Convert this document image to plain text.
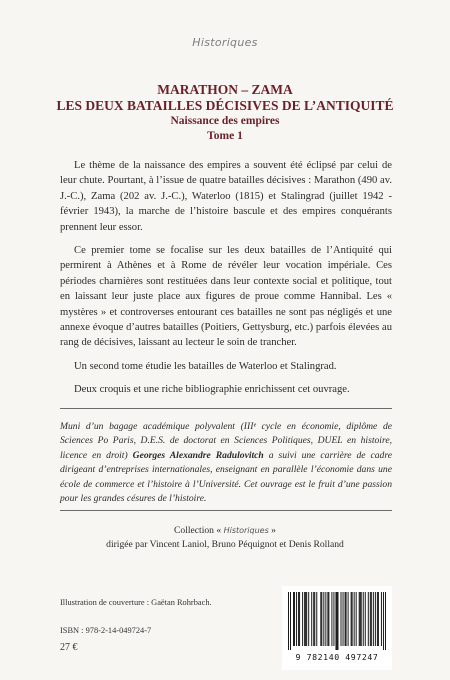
Historiques
MARATHON – ZAMA
LES DEUX BATAILLES DÉCISIVES DE L’ANTIQUITÉ
Naissance des empires
Tome 1

Le thème de la naissance des empires a souvent été éclipsé par celui de leur chute. Pourtant, à l’issue de quatre batailles décisives : Marathon (490 av. J.-C.), Zama (202 av. J.-C.), Waterloo (1815) et Stalingrad (juillet 1942 - février 1943), la marche de l’histoire bascule et des empires conquérants prennent leur essor.

Ce premier tome se focalise sur les deux batailles de l’Antiquité qui permirent à Athènes et à Rome de révéler leur vocation impériale. Ces périodes charnières sont restituées dans leur contexte social et politique, tout en laissant leur juste place aux figures de proue comme Hannibal. Les « mystères » et controverses entourant ces batailles ne sont pas négligés et une annexe évoque d’autres batailles (Poitiers, Gettysburg, etc.) parfois élevées au rang de décisives, laissant au lecteur le soin de trancher.

Un second tome étudie les batailles de Waterloo et Stalingrad.

Deux croquis et une riche bibliographie enrichissent cet ouvrage.

Muni d’un bagage académique polyvalent (IIIᵉ cycle en économie, diplôme de Sciences Po Paris, D.E.S. de doctorat en Sciences Politiques, DUEL en histoire, licence en droit) Georges Alexandre Radulovitch a suivi une carrière de cadre dirigeant d’entreprises internationales, enseignant en parallèle l’économie dans une école de commerce et l’histoire à l’Université. Cet ouvrage est le fruit d’une passion pour les grandes césures de l’histoire.
Collection « Historiques »
dirigée par Vincent Laniol, Bruno Péquignot et Denis Rolland
Illustration de couverture : Gaëtan Rohrbach.
ISBN : 978-2-14-049724-7
27 €
9 782140 497247
